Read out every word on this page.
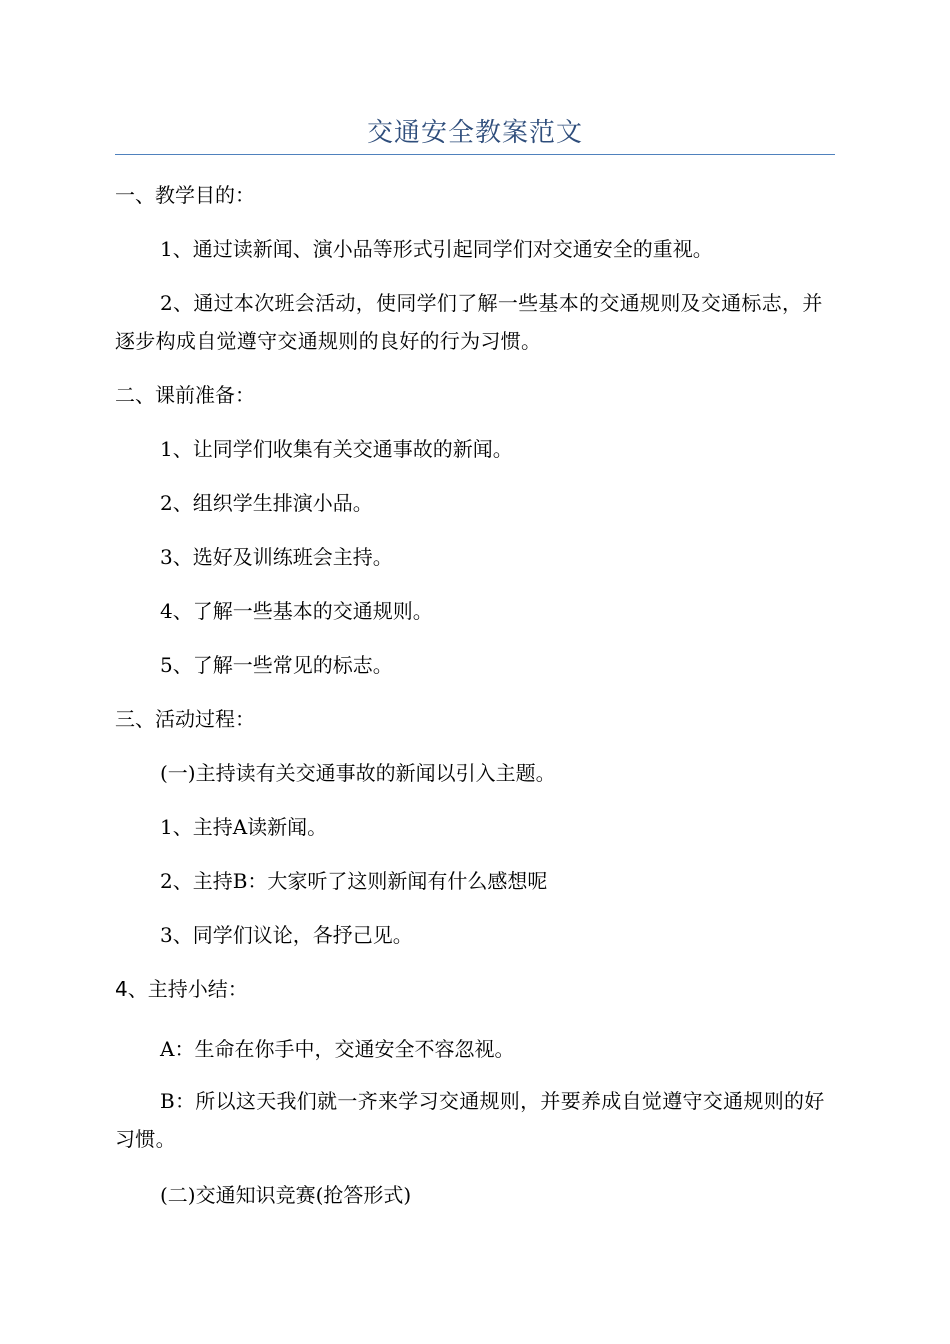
交通安全教案范文
一、教学目的：
1、通过读新闻、演小品等形式引起同学们对交通安全的重视。
2、通过本次班会活动，使同学们了解一些基本的交通规则及交通标志，并逐步构成自觉遵守交通规则的良好的行为习惯。
二、课前准备：
1、让同学们收集有关交通事故的新闻。
2、组织学生排演小品。
3、选好及训练班会主持。
4、了解一些基本的交通规则。
5、了解一些常见的标志。
三、活动过程：
(一)主持读有关交通事故的新闻以引入主题。
1、主持A读新闻。
2、主持B：大家听了这则新闻有什么感想呢
3、同学们议论，各抒己见。
4、主持小结：
A：生命在你手中，交通安全不容忽视。
B：所以这天我们就一齐来学习交通规则，并要养成自觉遵守交通规则的好习惯。
(二)交通知识竞赛(抢答形式)
